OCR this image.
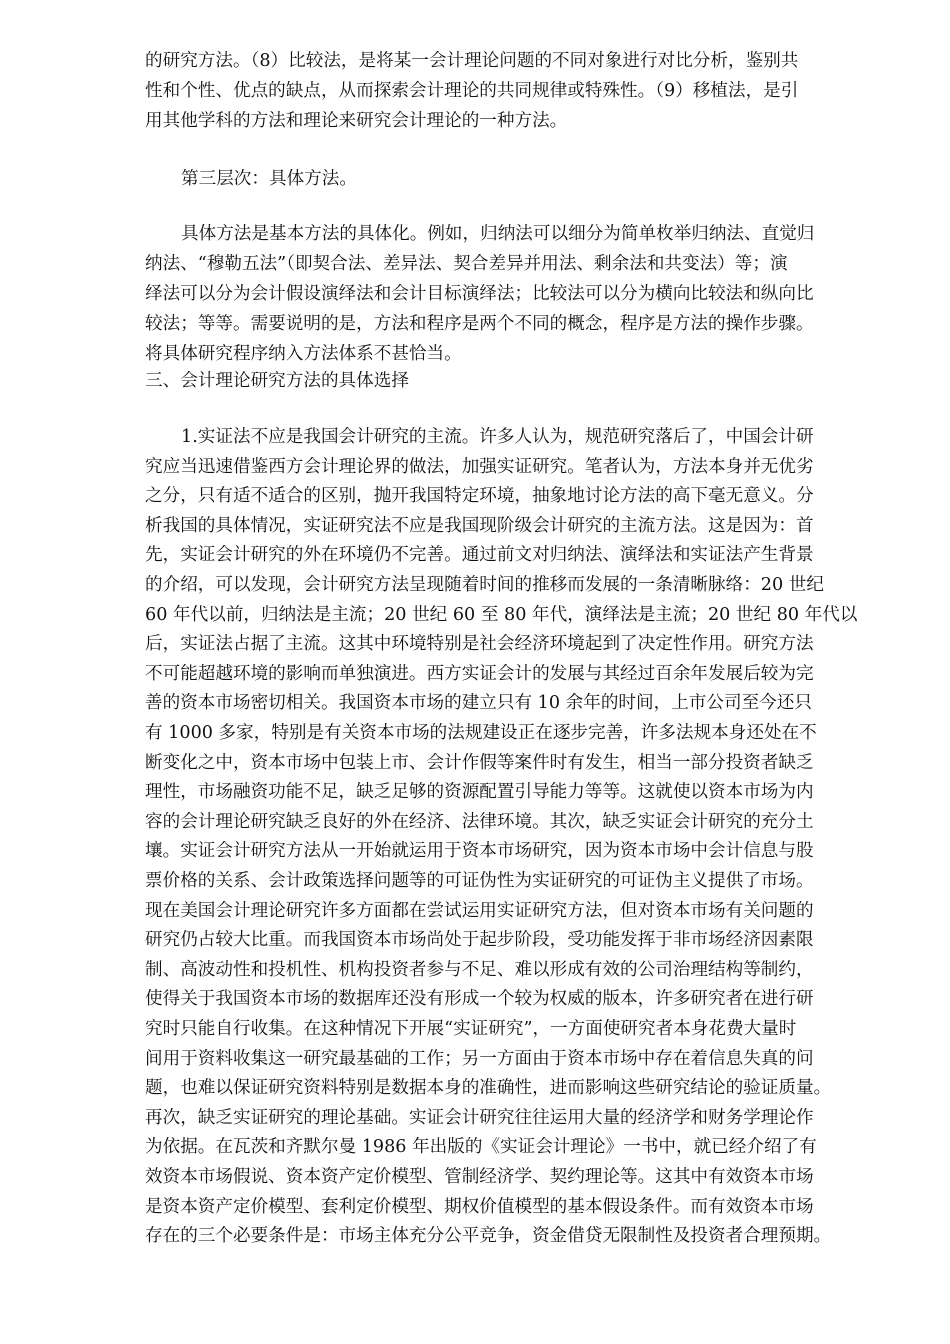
的研究方法。（8）比较法，是将某一会计理论问题的不同对象进行对比分析，鉴别共
性和个性、优点的缺点，从而探索会计理论的共同规律或特殊性。（9）移植法，是引
用其他学科的方法和理论来研究会计理论的一种方法。
第三层次：具体方法。
具体方法是基本方法的具体化。例如，归纳法可以细分为简单枚举归纳法、直觉归
纳法、“穆勒五法”（即契合法、差异法、契合差异并用法、剩余法和共变法）等；演
绎法可以分为会计假设演绎法和会计目标演绎法；比较法可以分为横向比较法和纵向比
较法；等等。需要说明的是，方法和程序是两个不同的概念，程序是方法的操作步骤。
将具体研究程序纳入方法体系不甚恰当。
三、会计理论研究方法的具体选择
1.实证法不应是我国会计研究的主流。许多人认为，规范研究落后了，中国会计研
究应当迅速借鉴西方会计理论界的做法，加强实证研究。笔者认为，方法本身并无优劣
之分，只有适不适合的区别，抛开我国特定环境，抽象地讨论方法的高下毫无意义。分
析我国的具体情况，实证研究法不应是我国现阶级会计研究的主流方法。这是因为：首
先，实证会计研究的外在环境仍不完善。通过前文对归纳法、演绎法和实证法产生背景
的介绍，可以发现，会计研究方法呈现随着时间的推移而发展的一条清晰脉络：20 世纪
60 年代以前，归纳法是主流；20 世纪 60 至 80 年代，演绎法是主流；20 世纪 80 年代以
后，实证法占据了主流。这其中环境特别是社会经济环境起到了决定性作用。研究方法
不可能超越环境的影响而单独演进。西方实证会计的发展与其经过百余年发展后较为完
善的资本市场密切相关。我国资本市场的建立只有 10 余年的时间，上市公司至今还只
有 1000 多家，特别是有关资本市场的法规建设正在逐步完善，许多法规本身还处在不
断变化之中，资本市场中包装上市、会计作假等案件时有发生，相当一部分投资者缺乏
理性，市场融资功能不足，缺乏足够的资源配置引导能力等等。这就使以资本市场为内
容的会计理论研究缺乏良好的外在经济、法律环境。其次，缺乏实证会计研究的充分土
壤。实证会计研究方法从一开始就运用于资本市场研究，因为资本市场中会计信息与股
票价格的关系、会计政策选择问题等的可证伪性为实证研究的可证伪主义提供了市场。
现在美国会计理论研究许多方面都在尝试运用实证研究方法，但对资本市场有关问题的
研究仍占较大比重。而我国资本市场尚处于起步阶段，受功能发挥于非市场经济因素限
制、高波动性和投机性、机构投资者参与不足、难以形成有效的公司治理结构等制约，
使得关于我国资本市场的数据库还没有形成一个较为权威的版本，许多研究者在进行研
究时只能自行收集。在这种情况下开展“实证研究”，一方面使研究者本身花费大量时
间用于资料收集这一研究最基础的工作；另一方面由于资本市场中存在着信息失真的问
题，也难以保证研究资料特别是数据本身的准确性，进而影响这些研究结论的验证质量。
再次，缺乏实证研究的理论基础。实证会计研究往往运用大量的经济学和财务学理论作
为依据。在瓦茨和齐默尔曼 1986 年出版的《实证会计理论》一书中，就已经介绍了有
效资本市场假说、资本资产定价模型、管制经济学、契约理论等。这其中有效资本市场
是资本资产定价模型、套利定价模型、期权价值模型的基本假设条件。而有效资本市场
存在的三个必要条件是：市场主体充分公平竞争，资金借贷无限制性及投资者合理预期。
